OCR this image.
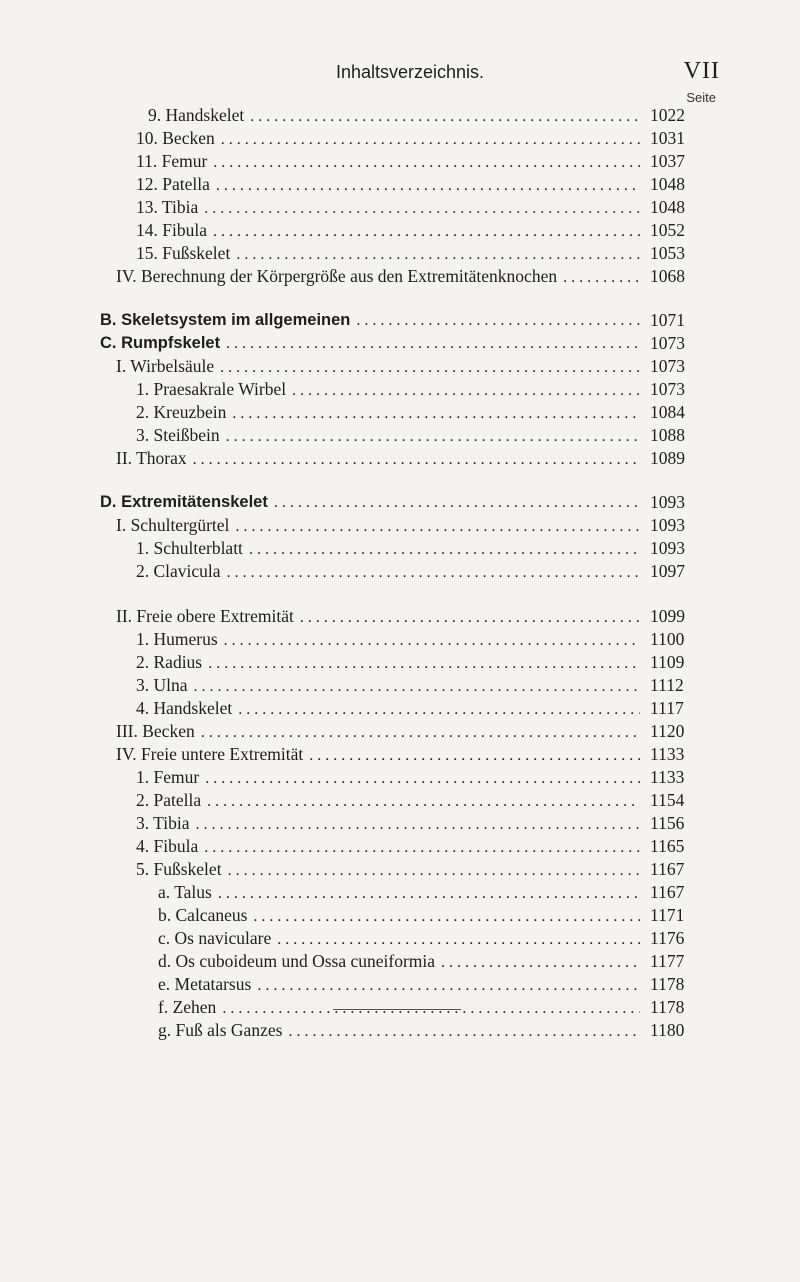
Inhaltsverzeichnis.	VII
Seite
9. Handskelet . . .	1022
10. Becken . . .	1031
11. Femur . . .	1037
12. Patella . . .	1048
13. Tibia . . .	1048
14. Fibula . . .	1052
15. Fußskelet . . .	1053
IV. Berechnung der Körpergröße aus den Extremitätenknochen . . .	1068
B. Skeletsystem im allgemeinen . . .	1071
C. Rumpfskelet . . .	1073
I. Wirbelsäule . . .	1073
1. Praesakrale Wirbel . . .	1073
2. Kreuzbein . . .	1084
3. Steißbein . . .	1088
II. Thorax . . .	1089
D. Extremitätenskelet . . .	1093
I. Schultergürtel . . .	1093
1. Schulterblatt . . .	1093
2. Clavicula . . .	1097
II. Freie obere Extremität . . .	1099
1. Humerus . . .	1100
2. Radius . . .	1109
3. Ulna . . .	1112
4. Handskelet . . .	1117
III. Becken . . .	1120
IV. Freie untere Extremität . . .	1133
1. Femur . . .	1133
2. Patella . . .	1154
3. Tibia . . .	1156
4. Fibula . . .	1165
5. Fußskelet . . .	1167
a. Talus . . .	1167
b. Calcaneus . . .	1171
c. Os naviculare . . .	1176
d. Os cuboideum und Ossa cuneiformia . . .	1177
e. Metatarsus . . .	1178
f. Zehen . . .	1178
g. Fuß als Ganzes . . .	1180
